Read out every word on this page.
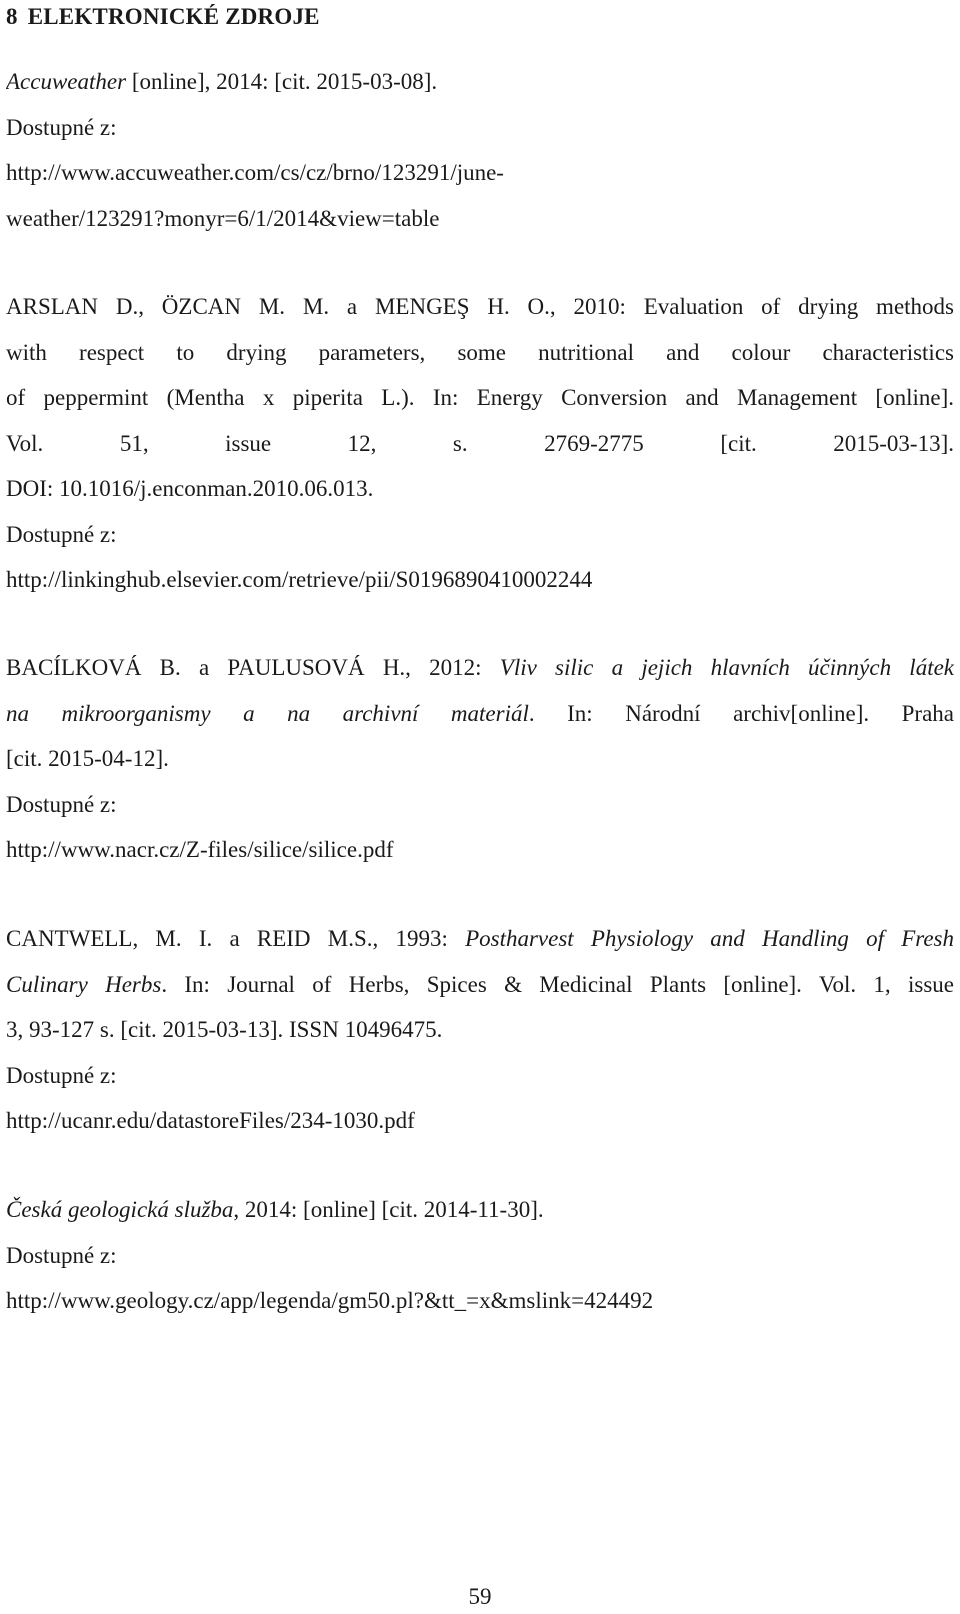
8 ELEKTRONICKÉ ZDROJE
Accuweather [online], 2014: [cit. 2015-03-08].
Dostupné z:
http://www.accuweather.com/cs/cz/brno/123291/june-
weather/123291?monyr=6/1/2014&view=table
ARSLAN D., ÖZCAN M. M. a MENGEŞ H. O., 2010: Evaluation of drying methods
with respect to drying parameters, some nutritional and colour characteristics
of peppermint (Mentha x piperita L.). In: Energy Conversion and Management [online].
Vol. 51, issue 12, s. 2769-2775 [cit. 2015-03-13].
DOI: 10.1016/j.enconman.2010.06.013.
Dostupné z:
http://linkinghub.elsevier.com/retrieve/pii/S0196890410002244
BACÍLKOVÁ B. a PAULUSOVÁ H., 2012: Vliv silic a jejich hlavních účinných látek
na mikroorganismy a na archivní materiál. In: Národní archiv[online]. Praha
[cit. 2015-04-12].
Dostupné z:
http://www.nacr.cz/Z-files/silice/silice.pdf
CANTWELL, M. I. a REID M.S., 1993: Postharvest Physiology and Handling of Fresh
Culinary Herbs. In: Journal of Herbs, Spices & Medicinal Plants [online]. Vol. 1, issue
3, 93-127 s. [cit. 2015-03-13]. ISSN 10496475.
Dostupné z:
http://ucanr.edu/datastoreFiles/234-1030.pdf
Česká geologická služba, 2014: [online] [cit. 2014-11-30].
Dostupné z:
http://www.geology.cz/app/legenda/gm50.pl?&tt_=x&mslink=424492
59
